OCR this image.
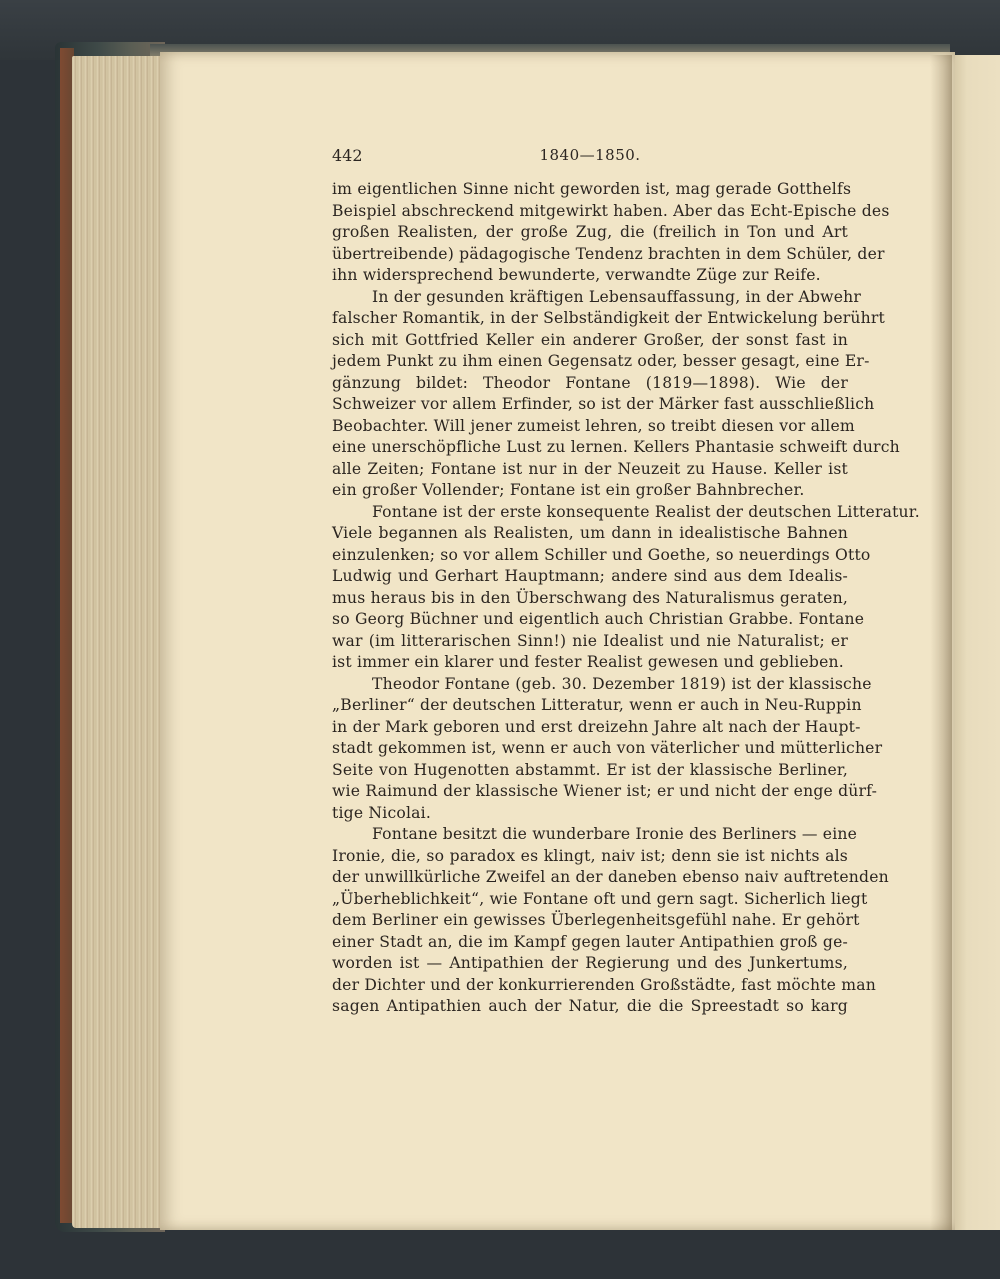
442	1840—1850.
im eigentlichen Sinne nicht geworden ist, mag gerade Gotthelfs
Beispiel abschreckend mitgewirkt haben. Aber das Echt-Epische des
großen Realisten, der große Zug, die (freilich in Ton und Art
übertreibende) pädagogische Tendenz brachten in dem Schüler, der
ihn widersprechend bewunderte, verwandte Züge zur Reife.
In der gesunden kräftigen Lebensauffassung, in der Abwehr
falscher Romantik, in der Selbständigkeit der Entwickelung berührt
sich mit Gottfried Keller ein anderer Großer, der sonst fast in
jedem Punkt zu ihm einen Gegensatz oder, besser gesagt, eine Er-
gänzung bildet: Theodor Fontane (1819—1898). Wie der
Schweizer vor allem Erfinder, so ist der Märker fast ausschließlich
Beobachter. Will jener zumeist lehren, so treibt diesen vor allem
eine unerschöpfliche Lust zu lernen. Kellers Phantasie schweift durch
alle Zeiten; Fontane ist nur in der Neuzeit zu Hause. Keller ist
ein großer Vollender; Fontane ist ein großer Bahnbrecher.
Fontane ist der erste konsequente Realist der deutschen Litteratur.
Viele begannen als Realisten, um dann in idealistische Bahnen
einzulenken; so vor allem Schiller und Goethe, so neuerdings Otto
Ludwig und Gerhart Hauptmann; andere sind aus dem Idealis-
mus heraus bis in den Überschwang des Naturalismus geraten,
so Georg Büchner und eigentlich auch Christian Grabbe. Fontane
war (im litterarischen Sinn!) nie Idealist und nie Naturalist; er
ist immer ein klarer und fester Realist gewesen und geblieben.
Theodor Fontane (geb. 30. Dezember 1819) ist der klassische
„Berliner“ der deutschen Litteratur, wenn er auch in Neu-Ruppin
in der Mark geboren und erst dreizehn Jahre alt nach der Haupt-
stadt gekommen ist, wenn er auch von väterlicher und mütterlicher
Seite von Hugenotten abstammt. Er ist der klassische Berliner,
wie Raimund der klassische Wiener ist; er und nicht der enge dürf-
tige Nicolai.
Fontane besitzt die wunderbare Ironie des Berliners — eine
Ironie, die, so paradox es klingt, naiv ist; denn sie ist nichts als
der unwillkürliche Zweifel an der daneben ebenso naiv auftretenden
„Überheblichkeit“, wie Fontane oft und gern sagt. Sicherlich liegt
dem Berliner ein gewisses Überlegenheitsgefühl nahe. Er gehört
einer Stadt an, die im Kampf gegen lauter Antipathien groß ge-
worden ist — Antipathien der Regierung und des Junkertums,
der Dichter und der konkurrierenden Großstädte, fast möchte man
sagen Antipathien auch der Natur, die die Spreestadt so karg
